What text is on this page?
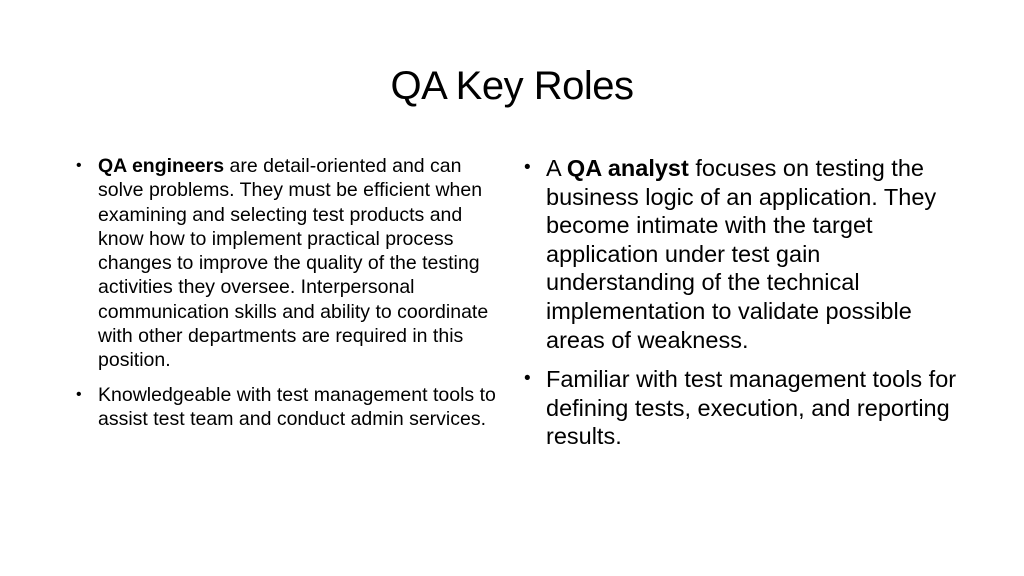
QA Key Roles
• QA engineers are detail-oriented and can solve problems. They must be efficient when examining and selecting test products and know how to implement practical process changes to improve the quality of the testing activities they oversee. Interpersonal communication skills and ability to coordinate with other departments are required in this position.
• Knowledgeable with test management tools to assist test team and conduct admin services.
• A QA analyst focuses on testing the business logic of an application. They become intimate with the target application under test gain understanding of the technical implementation to validate possible areas of weakness.
• Familiar with test management tools for defining tests, execution, and reporting results.
